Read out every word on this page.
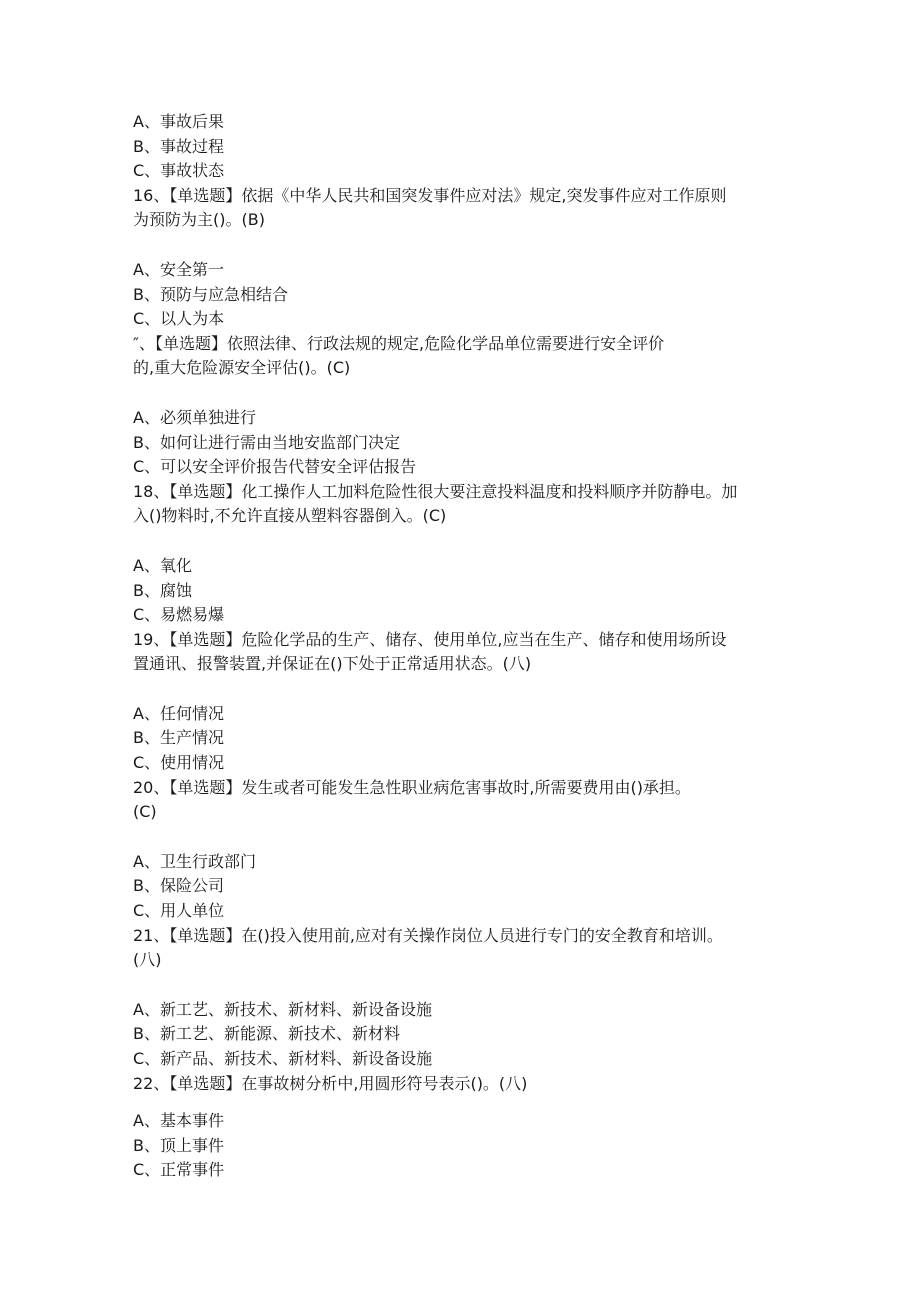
A、事故后果

B、事故过程

C、事故状态

16、【单选题】依据《中华人民共和国突发事件应对法》规定,突发事件应对工作原则

为预防为主()。(B)

A、安全第一

B、预防与应急相结合

C、以人为本

″、【单选题】依照法律、行政法规的规定,危险化学品单位需要进行安全评价

的,重大危险源安全评估()。(C)

A、必须单独进行

B、如何让进行需由当地安监部门决定

C、可以安全评价报告代替安全评估报告

18、【单选题】化工操作人工加料危险性很大要注意投料温度和投料顺序并防静电。加

入()物料时,不允许直接从塑料容器倒入。(C)

A、氧化

B、腐蚀

C、易燃易爆

19、【单选题】危险化学品的生产、储存、使用单位,应当在生产、储存和使用场所设

置通讯、报警装置,并保证在()下处于正常适用状态。(八)

A、任何情况

B、生产情况

C、使用情况

20、【单选题】发生或者可能发生急性职业病危害事故时,所需要费用由()承担。

(C)

A、卫生行政部门

B、保险公司

C、用人单位

21、【单选题】在()投入使用前,应对有关操作岗位人员进行专门的安全教育和培训。

(八)

A、新工艺、新技术、新材料、新设备设施

B、新工艺、新能源、新技术、新材料

C、新产品、新技术、新材料、新设备设施

22、【单选题】在事故树分析中,用圆形符号表示()。(八)

A、基本事件

B、顶上事件

C、正常事件
